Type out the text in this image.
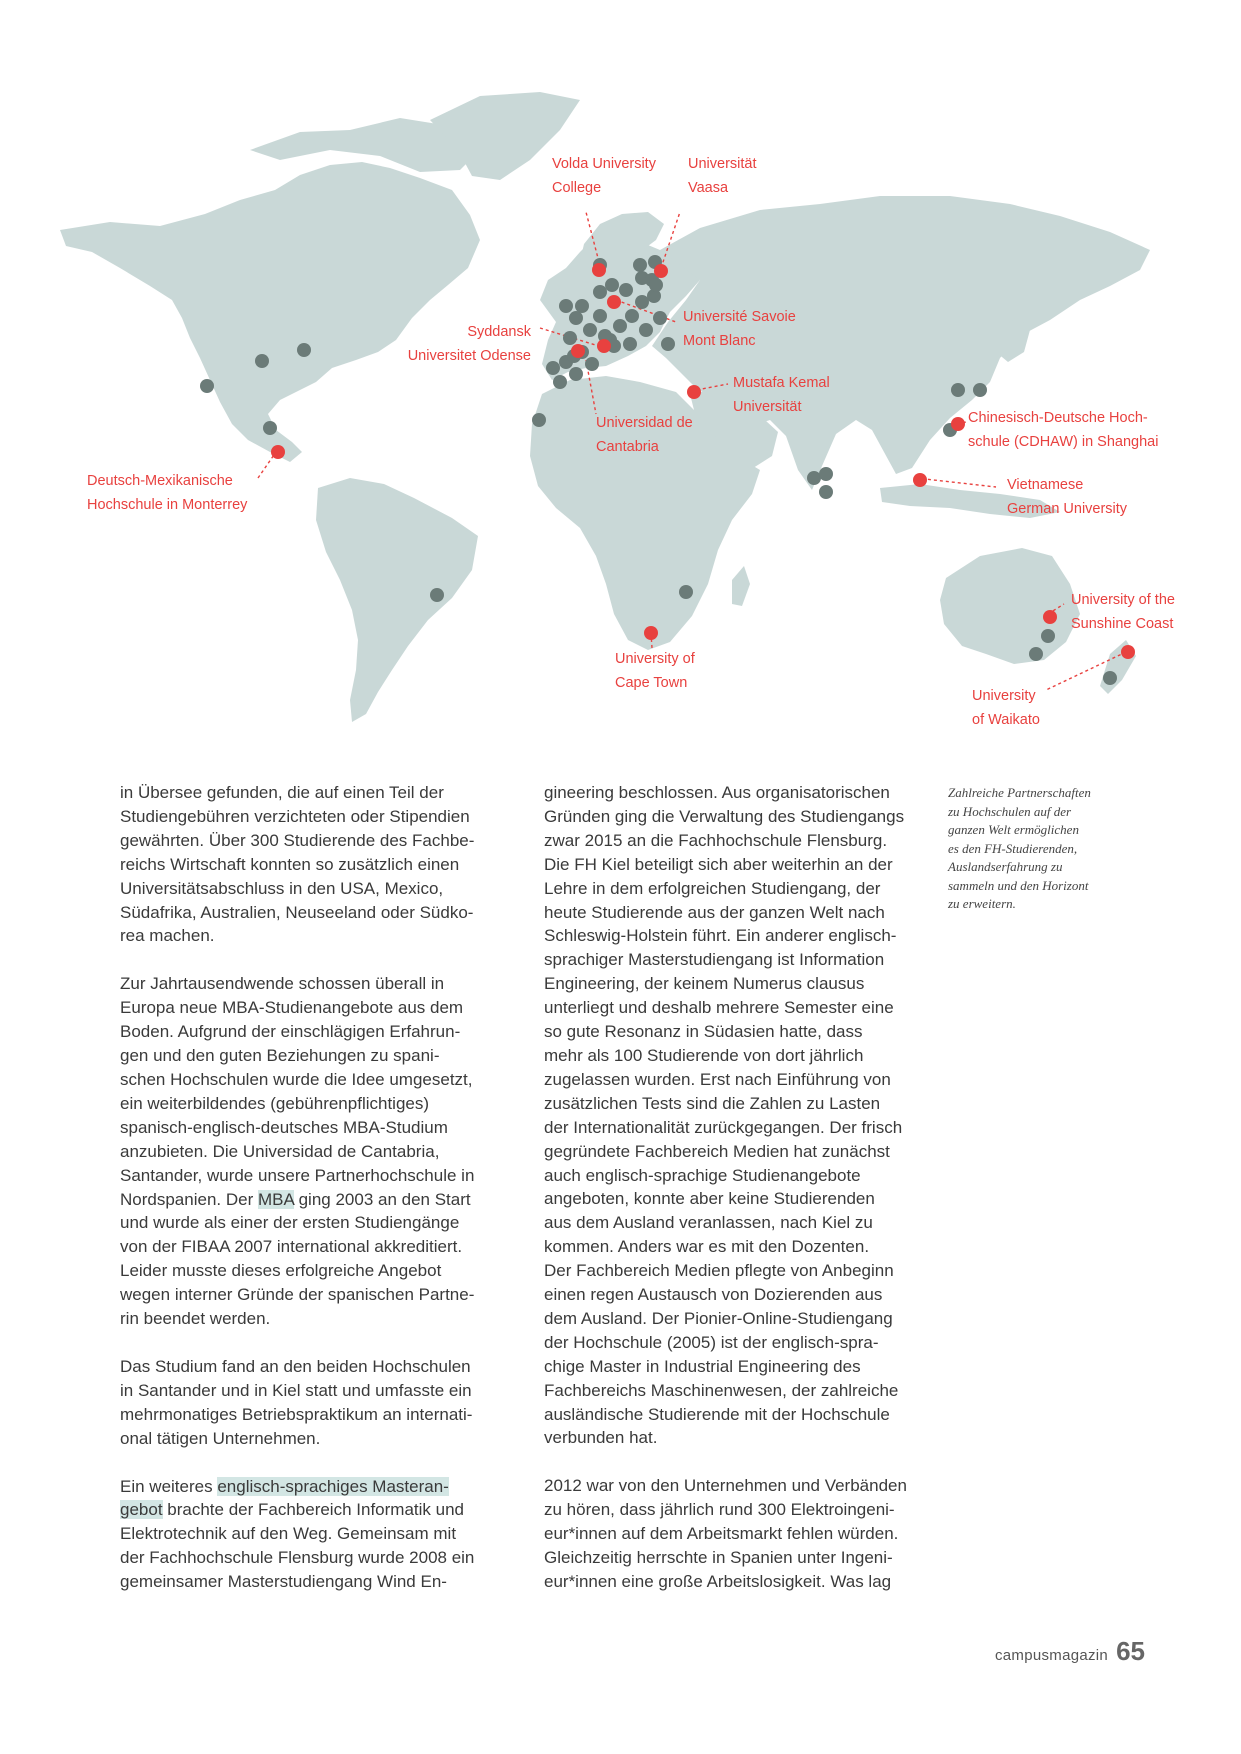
Volda University
College
Universität
Vaasa
Université Savoie
Mont Blanc
Syddansk
Universitet Odense
Mustafa Kemal
Universität
Universidad de
Cantabria
Chinesisch-Deutsche Hoch-
schule (CDHAW) in Shanghai
Deutsch-Mexikanische
Hochschule in Monterrey
Vietnamese
German University
University of the
Sunshine Coast
University of
Cape Town
University
of Waikato

in Übersee gefunden, die auf einen Teil der
Studiengebühren verzichteten oder Stipendien
gewährten. Über 300 Studierende des Fachbe-
reichs Wirtschaft konnten so zusätzlich einen
Universitätsabschluss in den USA, Mexico,
Südafrika, Australien, Neuseeland oder Südko-
rea machen.

Zur Jahrtausendwende schossen überall in
Europa neue MBA-Studienangebote aus dem
Boden. Aufgrund der einschlägigen Erfahrun-
gen und den guten Beziehungen zu spani-
schen Hochschulen wurde die Idee umgesetzt,
ein weiterbildendes (gebührenpflichtiges)
spanisch-englisch-deutsches MBA-Studium
anzubieten. Die Universidad de Cantabria,
Santander, wurde unsere Partnerhochschule in
Nordspanien. Der MBA ging 2003 an den Start
und wurde als einer der ersten Studiengänge
von der FIBAA 2007 international akkreditiert.
Leider musste dieses erfolgreiche Angebot
wegen interner Gründe der spanischen Partne-
rin beendet werden.

Das Studium fand an den beiden Hochschulen
in Santander und in Kiel statt und umfasste ein
mehrmonatiges Betriebspraktikum an internati-
onal tätigen Unternehmen.

Ein weiteres englisch-sprachiges Masteran-
gebot brachte der Fachbereich Informatik und
Elektrotechnik auf den Weg. Gemeinsam mit
der Fachhochschule Flensburg wurde 2008 ein
gemeinsamer Masterstudiengang Wind En-

gineering beschlossen. Aus organisatorischen
Gründen ging die Verwaltung des Studiengangs
zwar 2015 an die Fachhochschule Flensburg.
Die FH Kiel beteiligt sich aber weiterhin an der
Lehre in dem erfolgreichen Studiengang, der
heute Studierende aus der ganzen Welt nach
Schleswig-Holstein führt. Ein anderer englisch-
sprachiger Masterstudiengang ist Information
Engineering, der keinem Numerus clausus
unterliegt und deshalb mehrere Semester eine
so gute Resonanz in Südasien hatte, dass
mehr als 100 Studierende von dort jährlich
zugelassen wurden. Erst nach Einführung von
zusätzlichen Tests sind die Zahlen zu Lasten
der Internationalität zurückgegangen. Der frisch
gegründete Fachbereich Medien hat zunächst
auch englisch-sprachige Studienangebote
angeboten, konnte aber keine Studierenden
aus dem Ausland veranlassen, nach Kiel zu
kommen. Anders war es mit den Dozenten.
Der Fachbereich Medien pflegte von Anbeginn
einen regen Austausch von Dozierenden aus
dem Ausland. Der Pionier-Online-Studiengang
der Hochschule (2005) ist der englisch-spra-
chige Master in Industrial Engineering des
Fachbereichs Maschinenwesen, der zahlreiche
ausländische Studierende mit der Hochschule
verbunden hat.

2012 war von den Unternehmen und Verbänden
zu hören, dass jährlich rund 300 Elektroingeni-
eur*innen auf dem Arbeitsmarkt fehlen würden.
Gleichzeitig herrschte in Spanien unter Ingeni-
eur*innen eine große Arbeitslosigkeit. Was lag

Zahlreiche Partnerschaften
zu Hochschulen auf der
ganzen Welt ermöglichen
es den FH-Studierenden,
Auslandserfahrung zu
sammeln und den Horizont
zu erweitern.
campusmagazin 65
